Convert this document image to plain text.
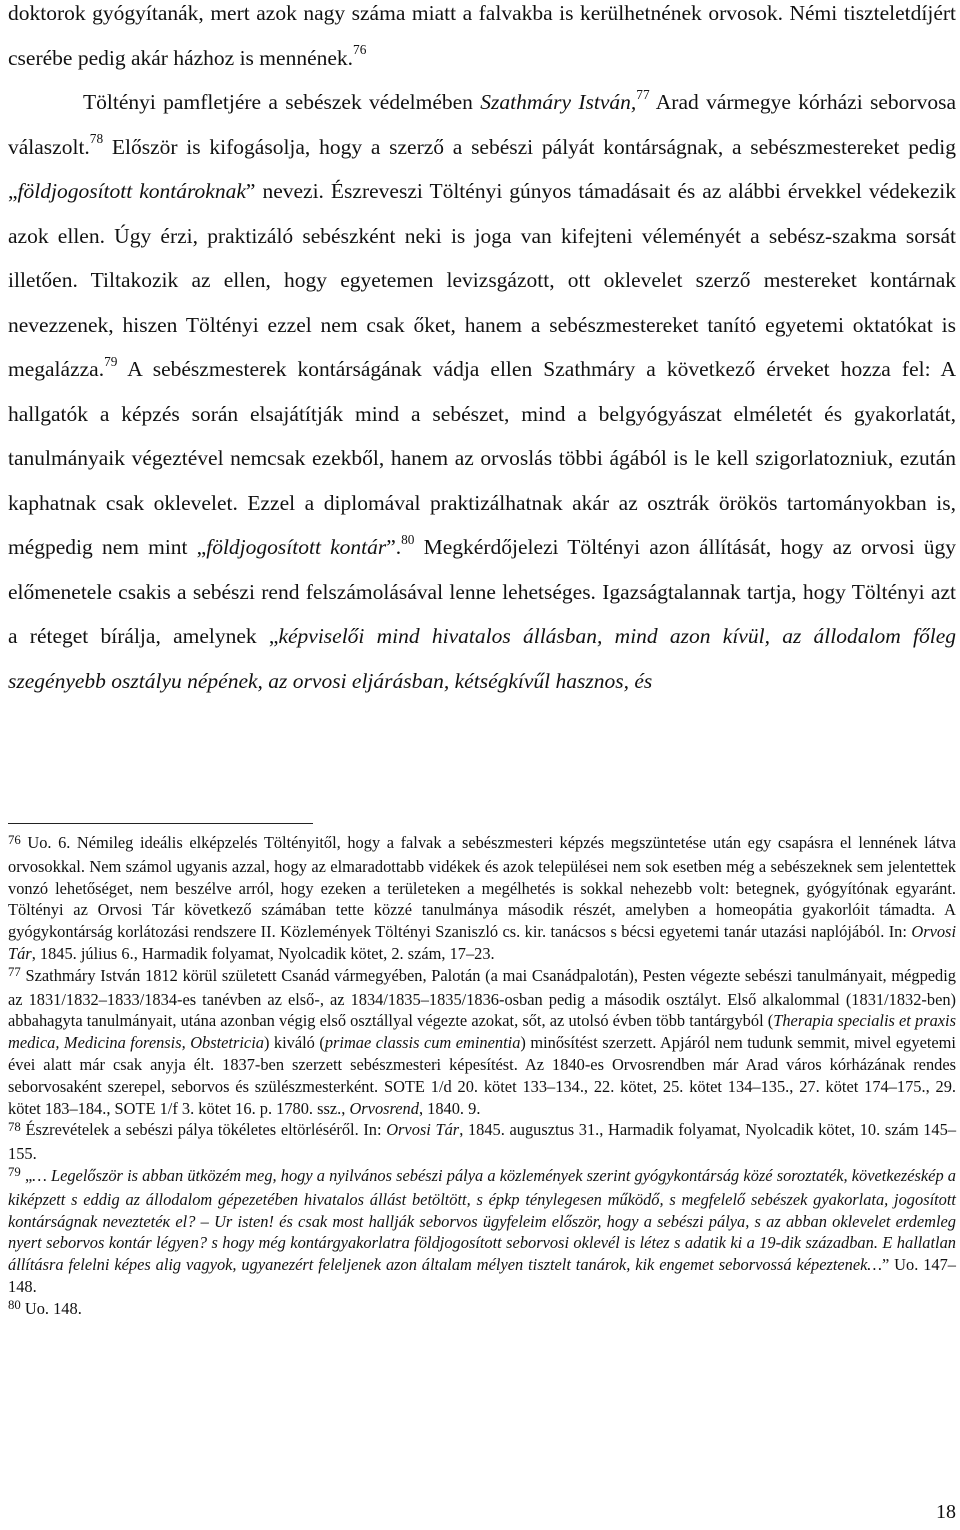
doktorok gyógyítanák, mert azok nagy száma miatt a falvakba is kerülhetnének orvosok. Némi tiszteletdíjért cserébe pedig akár házhoz is mennének.$^{76}$

Töltényi pamfletjére a sebészek védelmében Szathmáry István,$^{77}$ Arad vármegye kórházi seborvosa válaszolt.$^{78}$ Először is kifogásolja, hogy a szerző a sebészi pályát kontárságnak, a sebészmestereket pedig „földjogosított kontároknak” nevezi. Észreveszi Töltényi gúnyos támadásait és az alábbi érvekkel védekezik azok ellen. Úgy érzi, praktizáló sebészként neki is joga van kifejteni véleményét a sebész-szakma sorsát illetően. Tiltakozik az ellen, hogy egyetemen levizsgázott, ott oklevelet szerző mestereket kontárnak nevezzenek, hiszen Töltényi ezzel nem csak őket, hanem a sebészmestereket tanító egyetemi oktatókat is megalázza.$^{79}$ A sebészmesterek kontárságának vádja ellen Szathmáry a következő érveket hozza fel: A hallgatók a képzés során elsajátítják mind a sebészet, mind a belgyógyászat elméletét és gyakorlatát, tanulmányaik végeztével nemcsak ezekből, hanem az orvoslás többi ágából is le kell szigorlatozniuk, ezután kaphatnak csak oklevelet. Ezzel a diplomával praktizálhatnak akár az osztrák örökös tartományokban is, mégpedig nem mint „földjogosított kontár”.$^{80}$ Megkérdőjelezi Töltényi azon állítását, hogy az orvosi ügy előmenetele csakis a sebészi rend felszámolásával lenne lehetséges. Igazságtalannak tartja, hogy Töltényi azt a réteget bírálja, amelynek „képviselői mind hivatalos állásban, mind azon kívül, az állodalom főleg szegényebb osztályu népének, az orvosi eljárásban, kétségkívűl hasznos, és

$^{76}$ Uo. 6. Némileg ideális elképzelés Töltényitől, hogy a falvak a sebészmesteri képzés megszüntetése után egy csapásra el lennének látva orvosokkal. Nem számol ugyanis azzal, hogy az elmaradottabb vidékek és azok települései nem sok esetben még a sebészeknek sem jelentettek vonzó lehetőséget, nem beszélve arról, hogy ezeken a területeken a megélhetés is sokkal nehezebb volt: betegnek, gyógyítónak egyaránt. Töltényi az Orvosi Tár következő számában tette közzé tanulmánya második részét, amelyben a homeopátia gyakorlóit támadta. A gyógykontárság korlátozási rendszere II. Közlemények Töltényi Szaniszló cs. kir. tanácsos s bécsi egyetemi tanár utazási naplójából. In: Orvosi Tár, 1845. július 6., Harmadik folyamat, Nyolcadik kötet, 2. szám, 17–23.

$^{77}$ Szathmáry István 1812 körül született Csanád vármegyében, Palotán (a mai Csanádpalotán), Pesten végezte sebészi tanulmányait, mégpedig az 1831/1832–1833/1834-es tanévben az első-, az 1834/1835–1835/1836-osban pedig a második osztályt. Első alkalommal (1831/1832-ben) abbahagyta tanulmányait, utána azonban végig első osztállyal végezte azokat, sőt, az utolsó évben több tantárgyból (Therapia specialis et praxis medica, Medicina forensis, Obstetricia) kiváló (primae classis cum eminentia) minősítést szerzett. Apjáról nem tudunk semmit, mivel egyetemi évei alatt már csak anyja élt. 1837-ben szerzett sebészmesteri képesítést. Az 1840-es Orvosrendben már Arad város kórházának rendes seborvosaként szerepel, seborvos és szülészmesterként. SOTE 1/d 20. kötet 133–134., 22. kötet, 25. kötet 134–135., 27. kötet 174–175., 29. kötet 183–184., SOTE 1/f 3. kötet 16. p. 1780. ssz., Orvosrend, 1840. 9.

$^{78}$ Észrevételek a sebészi pálya tökéletes eltörléséről. In: Orvosi Tár, 1845. augusztus 31., Harmadik folyamat, Nyolcadik kötet, 10. szám 145–155.

$^{79}$ „… Legelőször is abban ütközém meg, hogy a nyilvános sebészi pálya a közlemények szerint gyógykontárság közé soroztaték, következéskép a kiképzett s eddig az állodalom gépezetében hivatalos állást betöltött, s épkp ténylegesen működő, s megfelelő sebészek gyakorlata, jogosított kontárságnak neveztetéк el? – Ur isten! és csak most hallják seborvos ügyfeleim először, hogy a sebészi pálya, s az abban oklevelet erdemleg nyert seborvos kontár légyen? s hogy még kontárgyakorlatra földjogosított seborvosi oklevél is létez s adatik ki a 19-dik században. E hallatlan állításra felelni képes alig vagyok, ugyanezért feleljenek azon általam mélyen tisztelt tanárok, kik engemet seborvossá képeztenek…” Uo. 147–148.

$^{80}$ Uo. 148.

18
